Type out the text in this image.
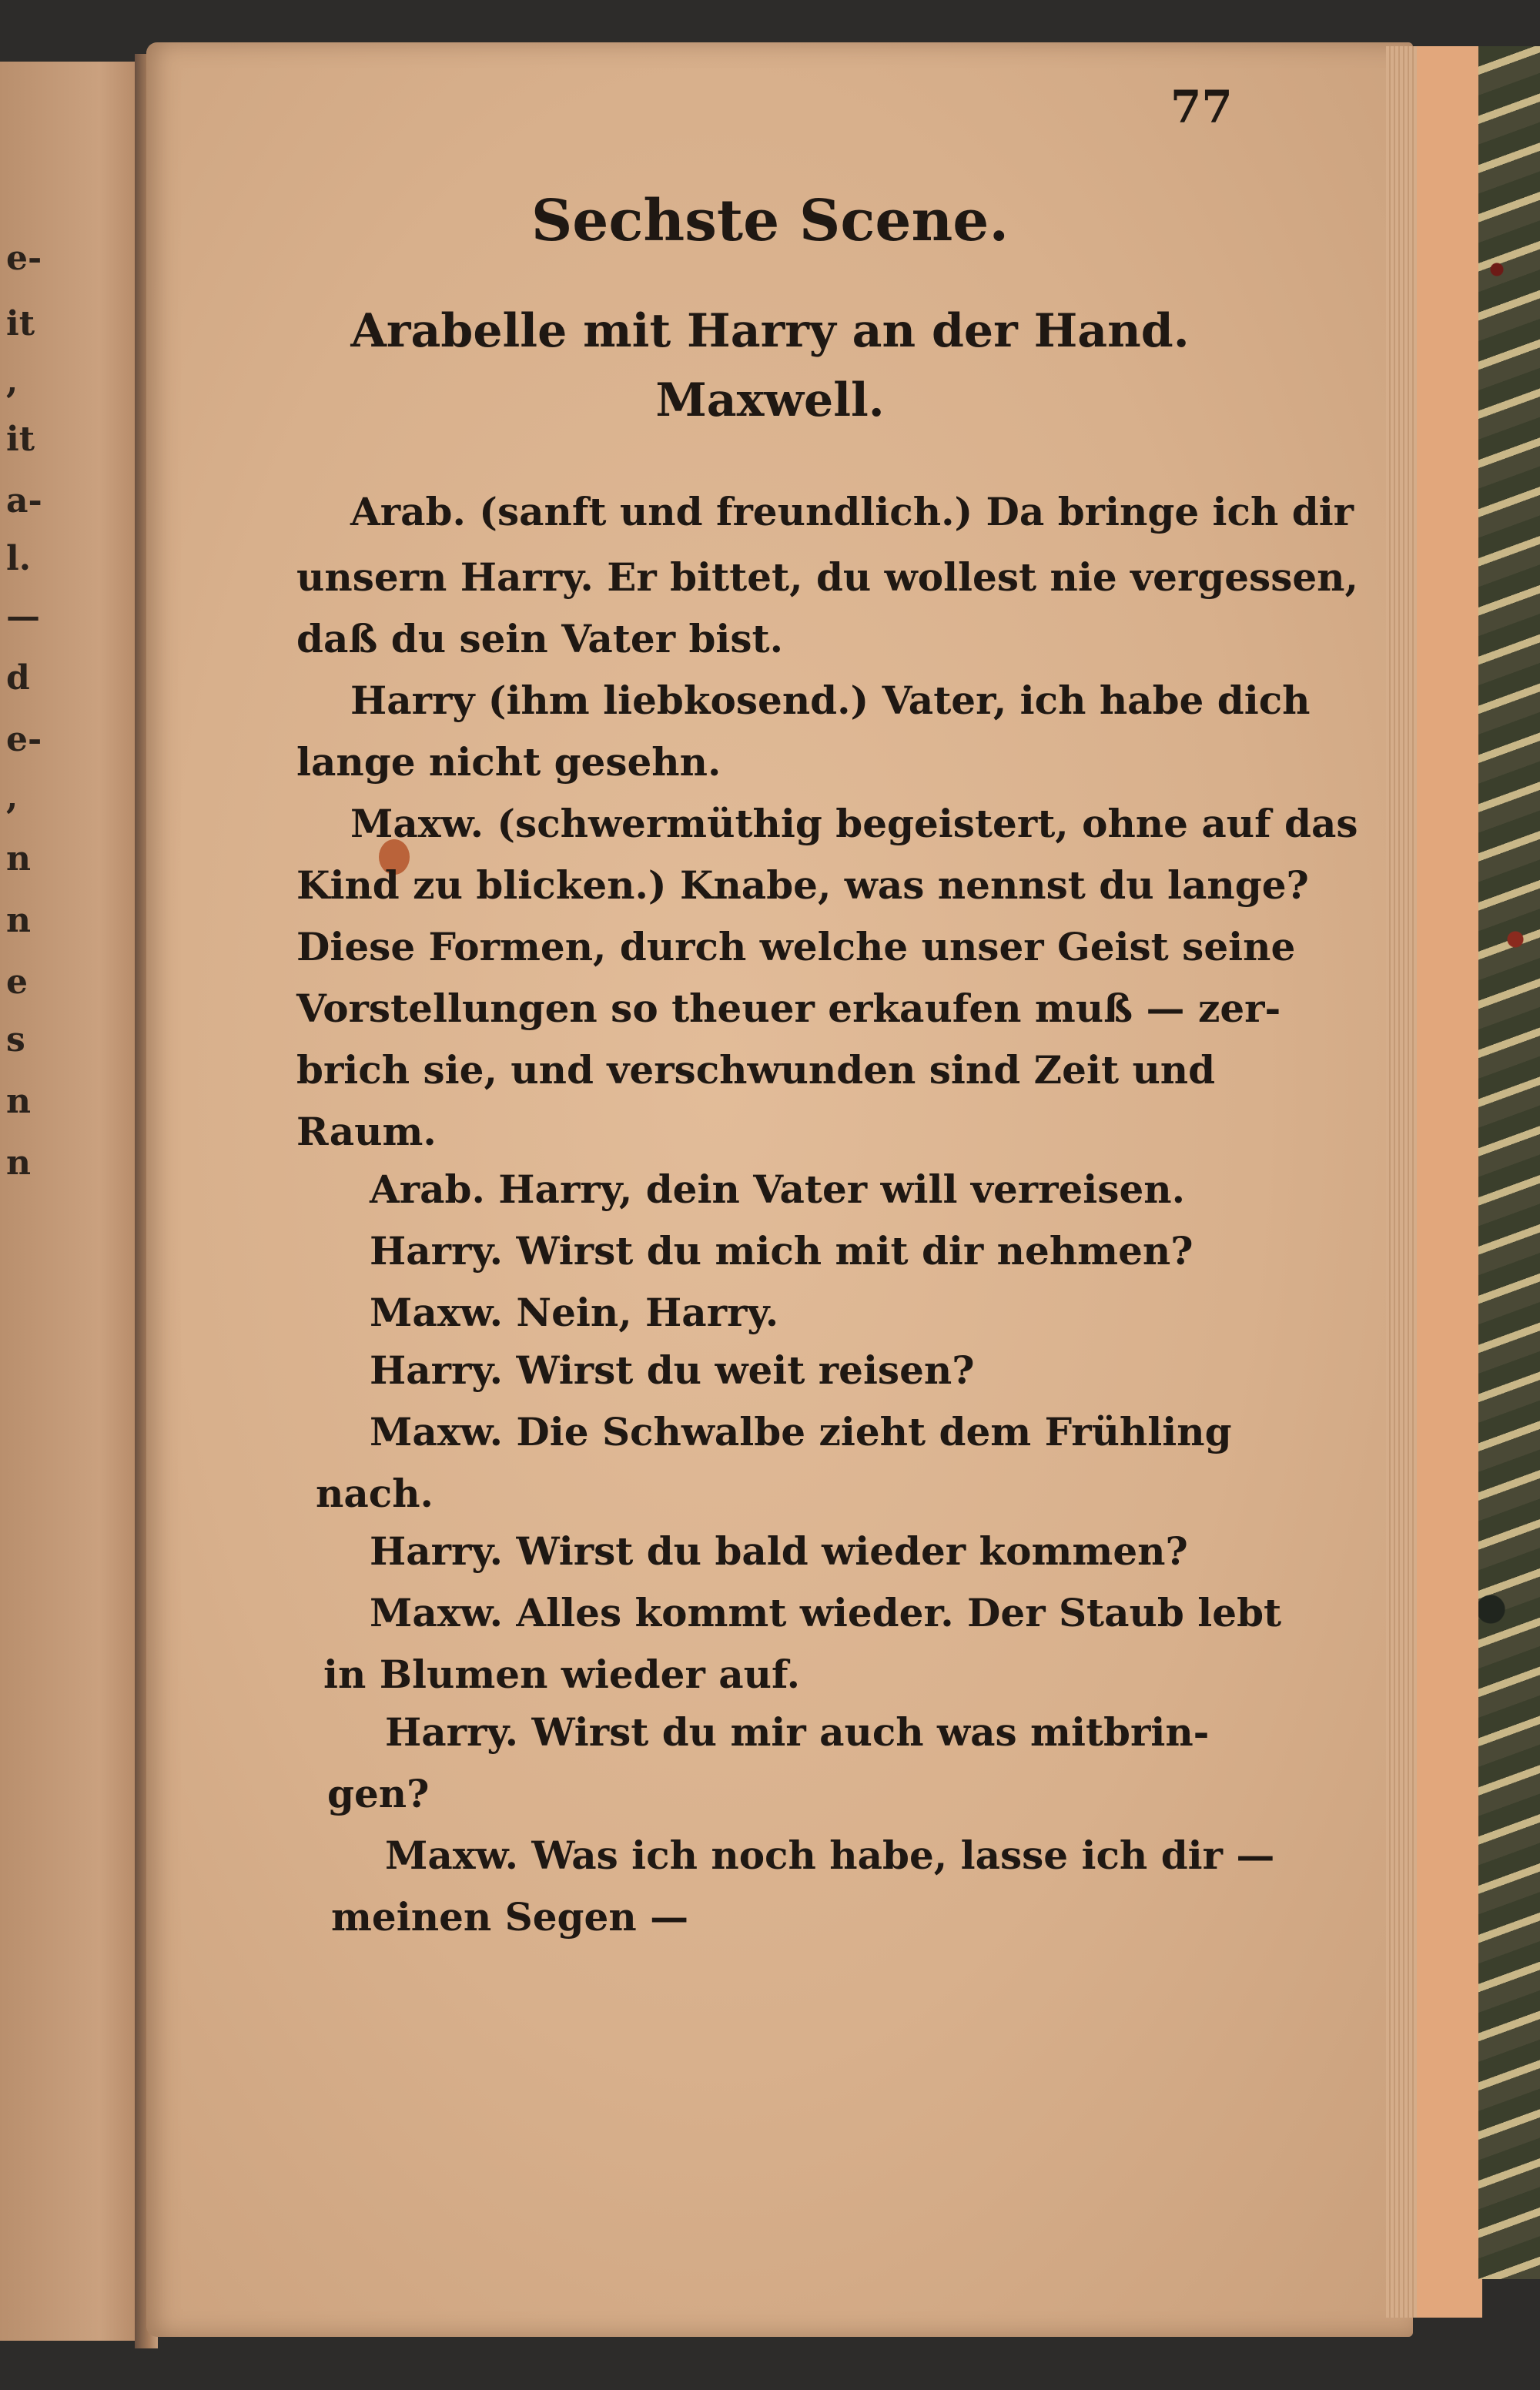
e-
it
,
it
a-
l.
—
d
e-
,
n
n
e
s
n
n
77
Sechste Scene.
Arabelle mit Harry an der Hand.
Maxwell.
Arab. (sanft und freundlich.) Da bringe ich dir
unsern Harry. Er bittet, du wollest nie vergessen,
daß du sein Vater bist.
Harry (ihm liebkosend.) Vater, ich habe dich
lange nicht gesehn.
Maxw. (schwermüthig begeistert, ohne auf das
Kind zu blicken.) Knabe, was nennst du lange?
Diese Formen, durch welche unser Geist seine
Vorstellungen so theuer erkaufen muß — zer-
brich sie, und verschwunden sind Zeit und
Raum.
Arab. Harry, dein Vater will verreisen.
Harry. Wirst du mich mit dir nehmen?
Maxw. Nein, Harry.
Harry. Wirst du weit reisen?
Maxw. Die Schwalbe zieht dem Frühling
nach.
Harry. Wirst du bald wieder kommen?
Maxw. Alles kommt wieder. Der Staub lebt
in Blumen wieder auf.
Harry. Wirst du mir auch was mitbrin-
gen?
Maxw. Was ich noch habe, lasse ich dir —
meinen Segen —
